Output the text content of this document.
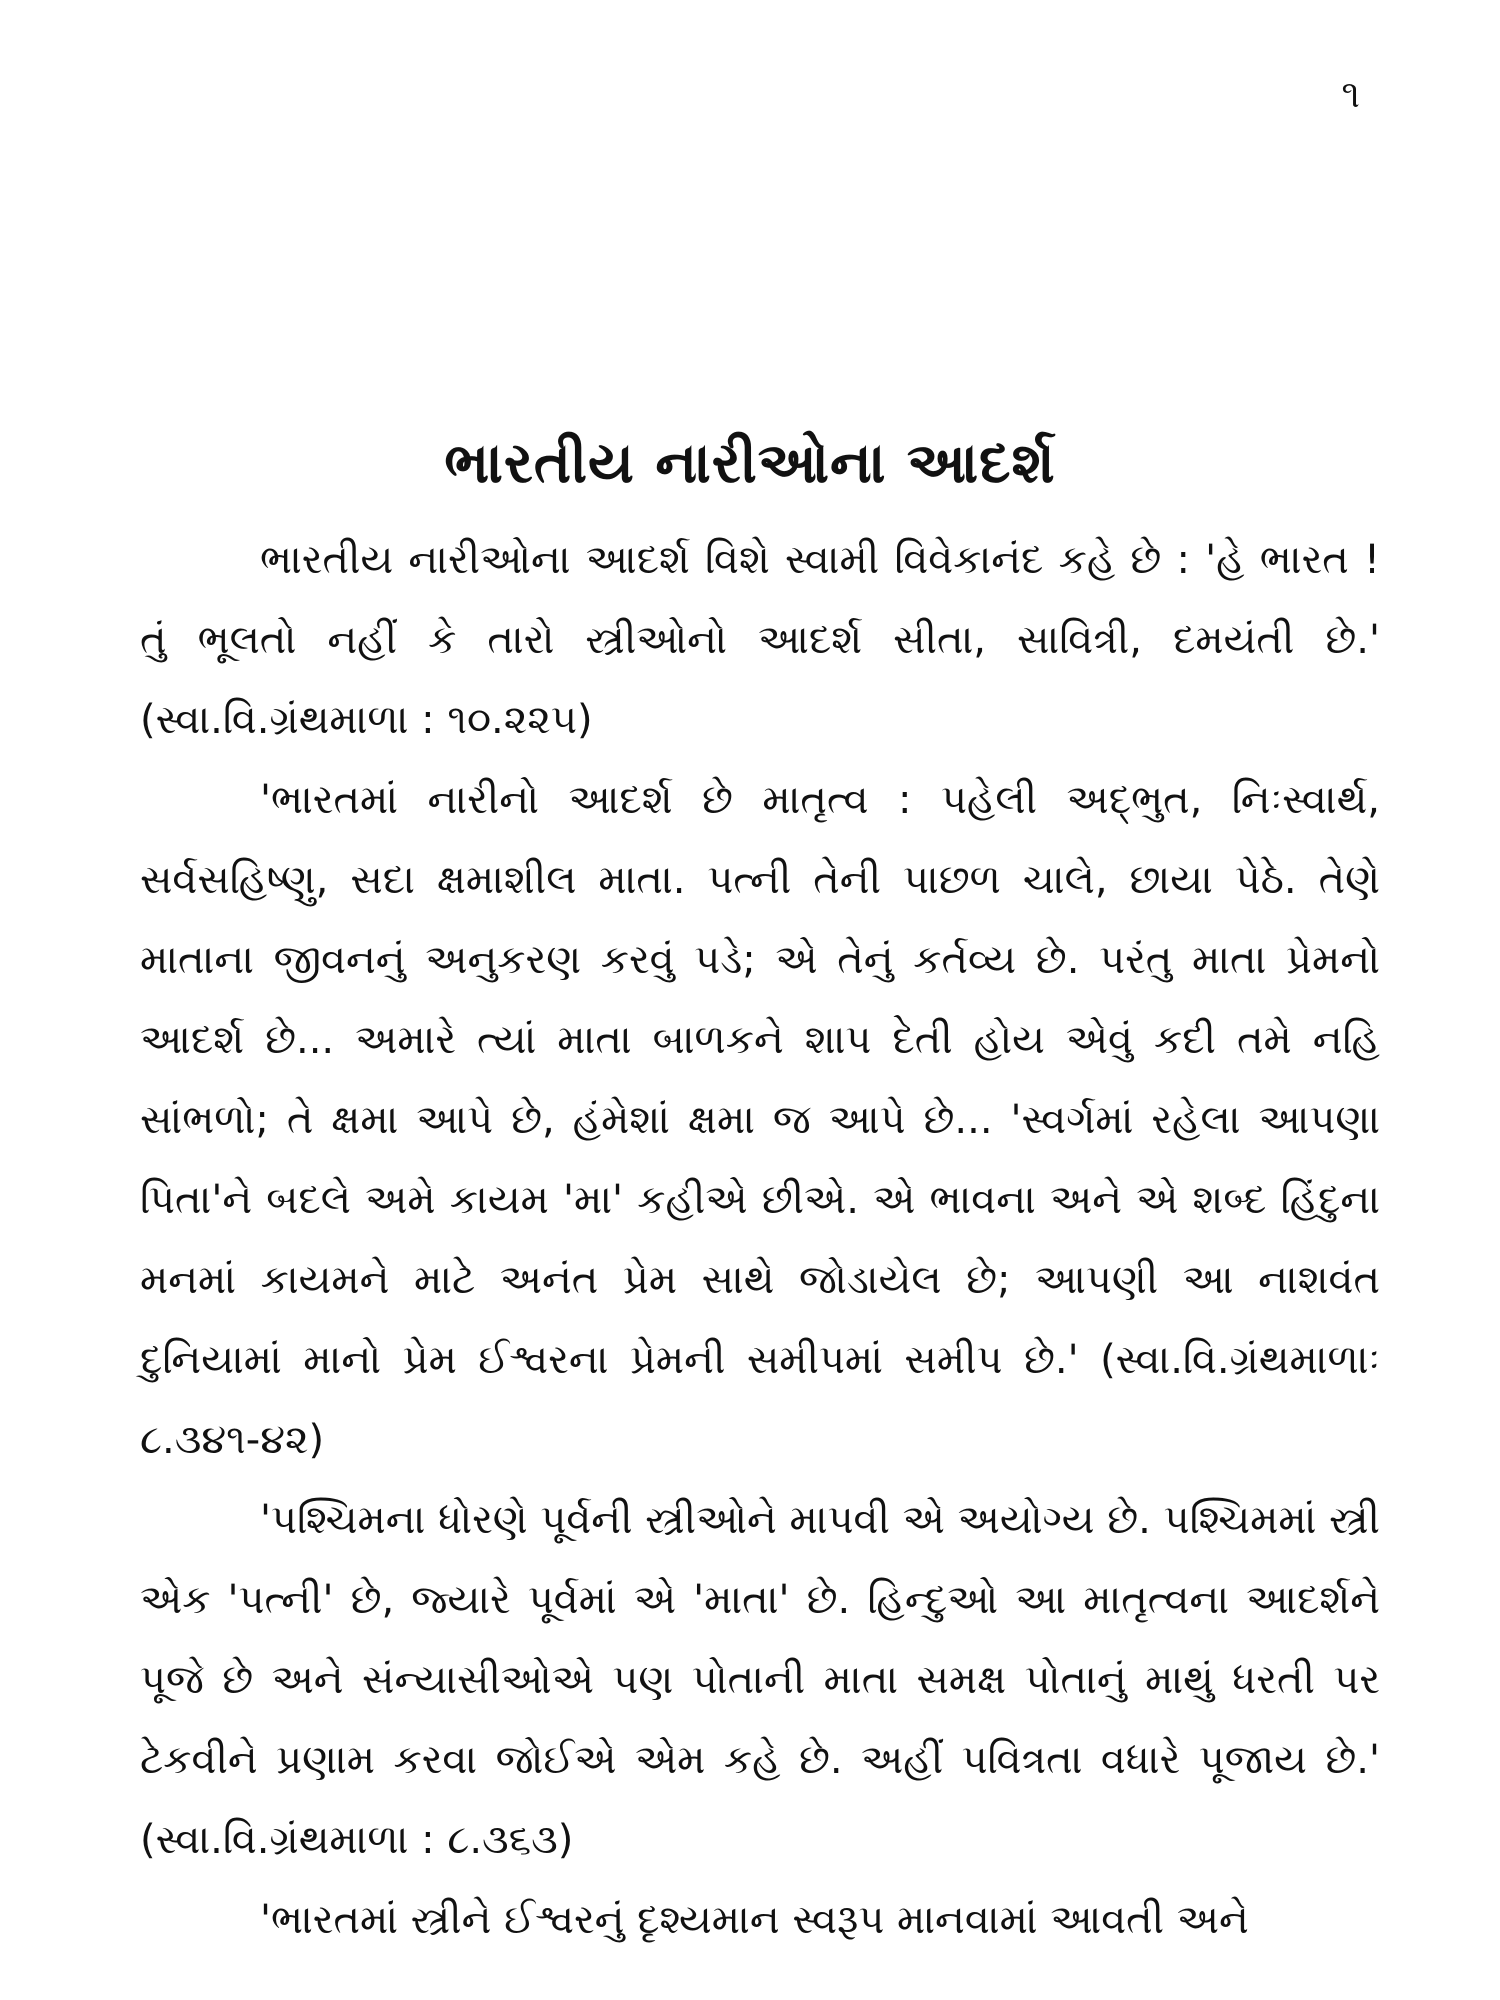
૧
ભારતીય નારીઓના આદર્શ

ભારતીય નારીઓના આદર્શ વિશે સ્વામી વિવેકાનંદ કહે છે : 'હે ભારત ! તું ભૂલતો નહીં કે તારો સ્ત્રીઓનો આદર્શ સીતા, સાવિત્રી, દમયંતી છે.' (સ્વા.વિ.ગ્રંથમાળા : ૧૦.૨૨૫)

'ભારતમાં નારીનો આદર્શ છે માતૃત્વ : પહેલી અદ્ભુત, નિઃસ્વાર્થ, સર્વસહિષ્ણુ, સદા ક્ષમાશીલ માતા. પત્ની તેની પાછળ ચાલે, છાયા પેઠે. તેણે માતાના જીવનનું અનુકરણ કરવું પડે; એ તેનું કર્તવ્ય છે. પરંતુ માતા પ્રેમનો આદર્શ છે... અમારે ત્યાં માતા બાળકને શાપ દેતી હોય એવું કદી તમે નહિ સાંભળો; તે ક્ષમા આપે છે, હંમેશાં ક્ષમા જ આપે છે... 'સ્વર્ગમાં રહેલા આપણા પિતા'ને બદલે અમે કાયમ 'મા' કહીએ છીએ. એ ભાવના અને એ શબ્દ હિંદુના મનમાં કાયમને માટે અનંત પ્રેમ સાથે જોડાયેલ છે; આપણી આ નાશવંત દુનિયામાં માનો પ્રેમ ઈશ્વરના પ્રેમની સમીપમાં સમીપ છે.' (સ્વા.વિ.ગ્રંથમાળાઃ ૮.૩૪૧-૪૨)

'પશ્ચિમના ધોરણે પૂર્વની સ્ત્રીઓને માપવી એ અયોગ્ય છે. પશ્ચિમમાં સ્ત્રી એક 'પત્ની' છે, જ્યારે પૂર્વમાં એ 'માતા' છે. હિન્દુઓ આ માતૃત્વના આદર્શને પૂજે છે અને સંન્યાસીઓએ પણ પોતાની માતા સમક્ષ પોતાનું માથું ધરતી પર ટેકવીને પ્રણામ કરવા જોઈએ એમ કહે છે. અહીં પવિત્રતા વધારે પૂજાય છે.' (સ્વા.વિ.ગ્રંથમાળા : ૮.૩૬૩)

'ભારતમાં સ્ત્રીને ઈશ્વરનું દૃશ્યમાન સ્વરૂપ માનવામાં આવતી અને
